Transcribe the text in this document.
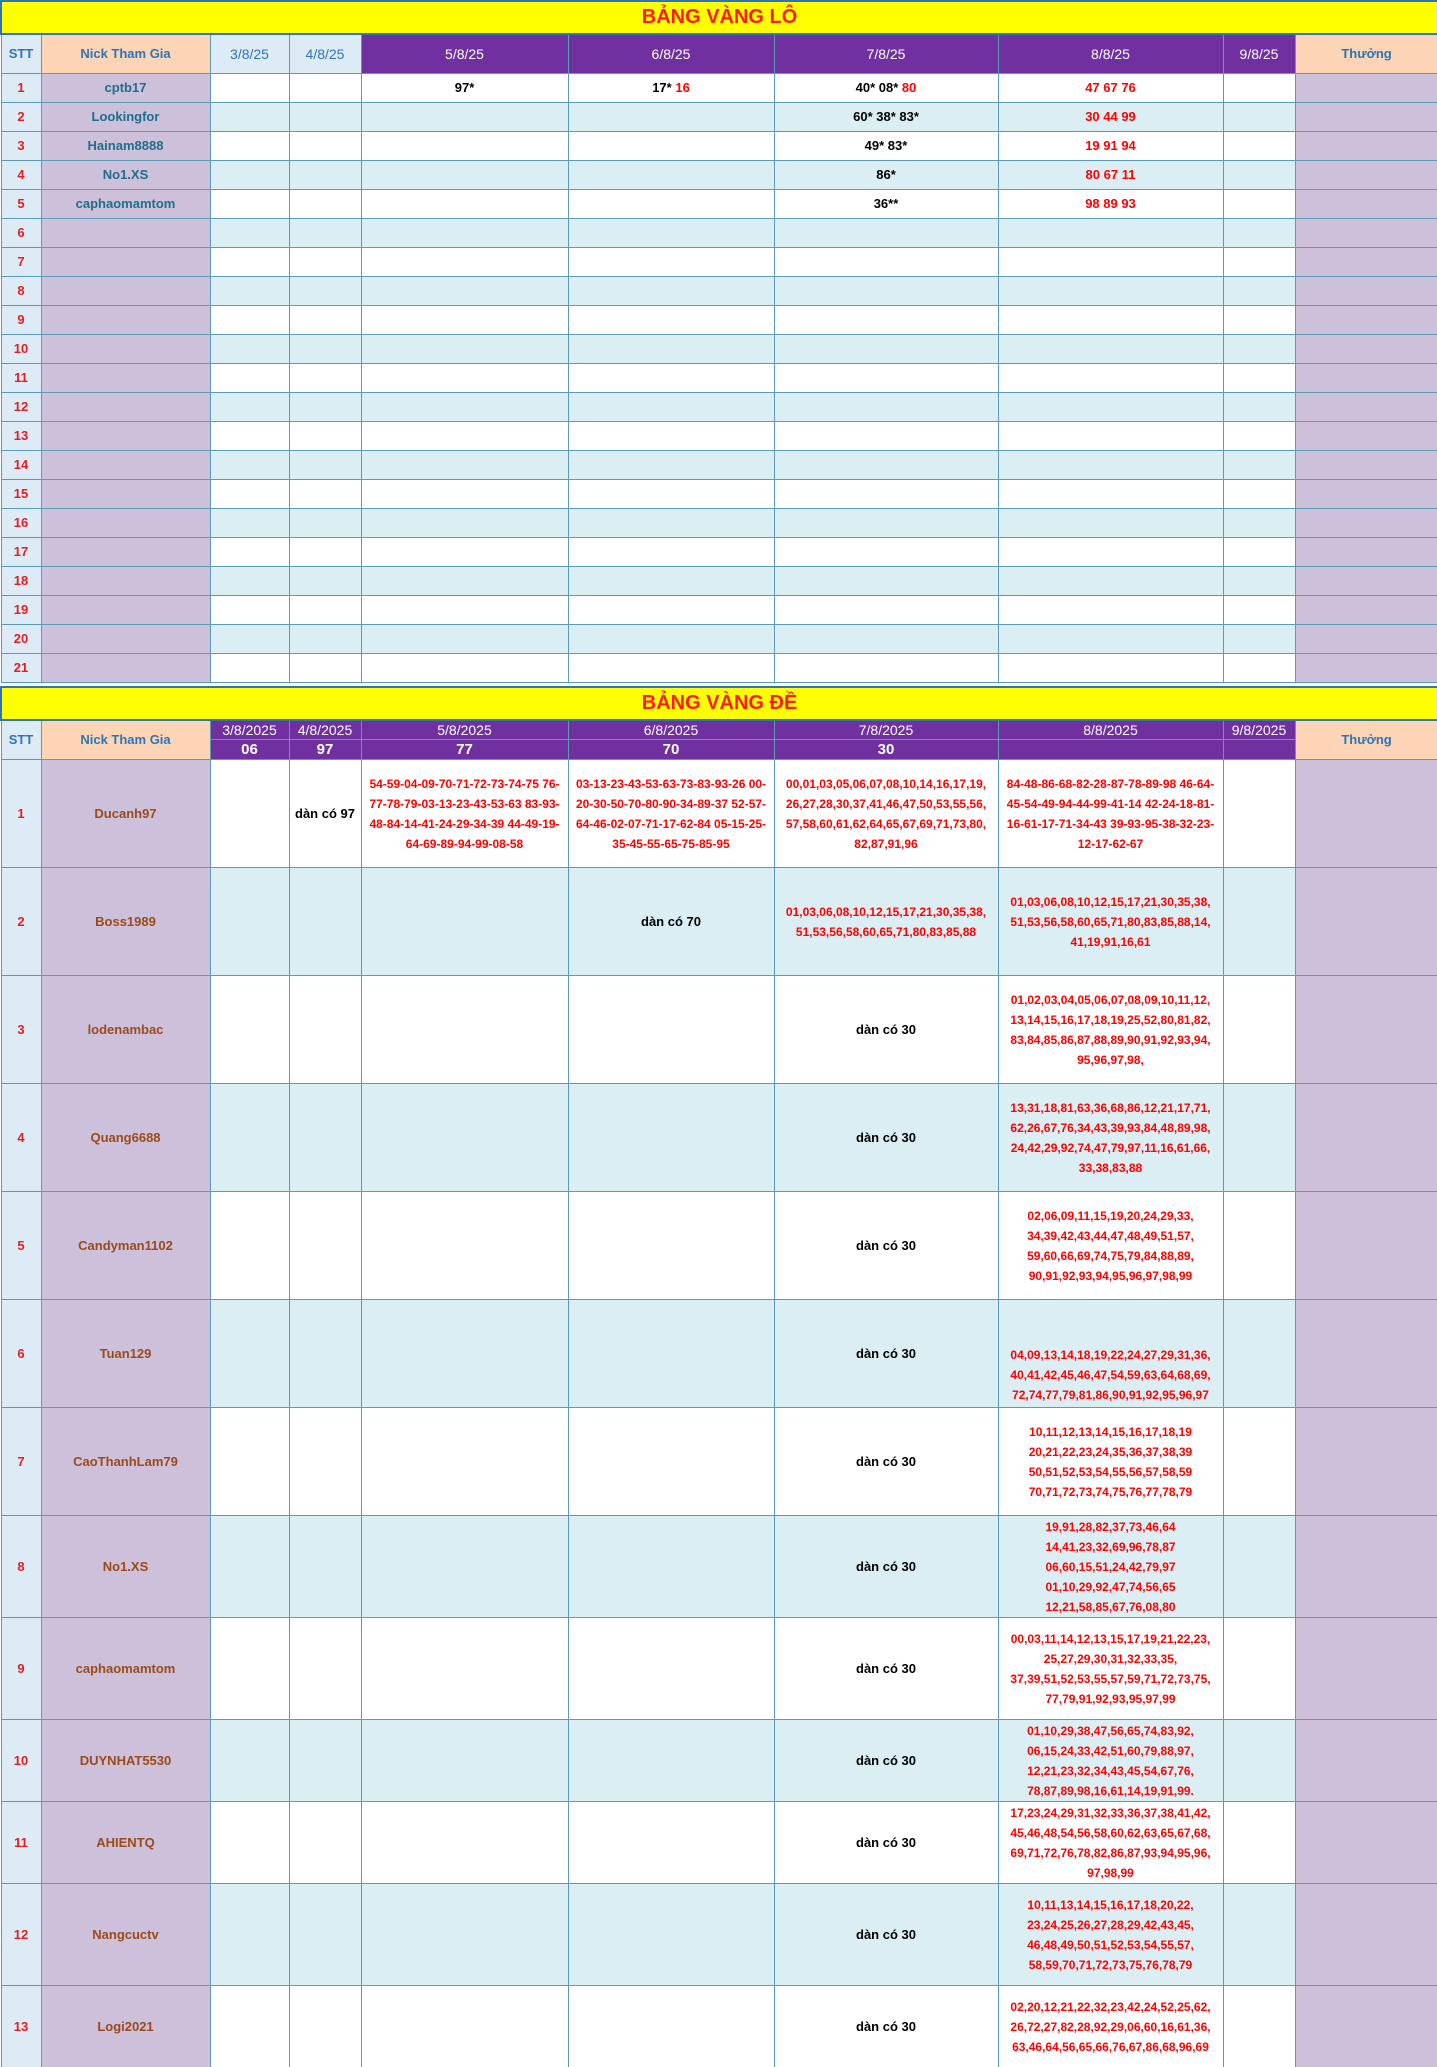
BẢNG VÀNG LÔ									
STT	Nick Tham Gia	3/8/25	4/8/25	5/8/25	6/8/25	7/8/25	8/8/25	9/8/25	Thưởng
1	cptb17			97*	17* 16	40* 08* 80	47 67 76		
2	Lookingfor					60* 38* 83*	30 44 99		
3	Hainam8888					49* 83*	19 91 94		
4	No1.XS					86*	80 67 11		
5	caphaomamtom					36**	98 89 93		
6									
7									
8									
9									
10									
11									
12									
13									
14									
15									
16									
17									
18									
19									
20									
21									
BẢNG VÀNG ĐỀ									
STT	Nick Tham Gia	3/8/2025	4/8/2025	5/8/2025	6/8/2025	7/8/2025	8/8/2025	9/8/2025	Thưởng
		06	97	77	70	30			
1	Ducanh97		dàn có 97	54-59-04-09-70-71-72-73-74-75 76-77-78-79-03-13-23-43-53-63 83-93-48-84-14-41-24-29-34-39 44-49-19-64-69-89-94-99-08-58	03-13-23-43-53-63-73-83-93-26 00-20-30-50-70-80-90-34-89-37 52-57-64-46-02-07-71-17-62-84 05-15-25-35-45-55-65-75-85-95	00,01,03,05,06,07,08,10,14,16,17,19, 26,27,28,30,37,41,46,47,50,53,55,56, 57,58,60,61,62,64,65,67,69,71,73,80, 82,87,91,96	84-48-86-68-82-28-87-78-89-98 46-64-45-54-49-94-44-99-41-14 42-24-18-81-16-61-17-71-34-43 39-93-95-38-32-23-12-17-62-67		
2	Boss1989				dàn có 70	01,03,06,08,10,12,15,17,21,30,35,38, 51,53,56,58,60,65,71,80,83,85,88	01,03,06,08,10,12,15,17,21,30,35,38, 51,53,56,58,60,65,71,80,83,85,88,14, 41,19,91,16,61		
3	lodenambac					dàn có 30	01,02,03,04,05,06,07,08,09,10,11,12, 13,14,15,16,17,18,19,25,52,80,81,82, 83,84,85,86,87,88,89,90,91,92,93,94, 95,96,97,98,		
4	Quang6688					dàn có 30	13,31,18,81,63,36,68,86,12,21,17,71, 62,26,67,76,34,43,39,93,84,48,89,98, 24,42,29,92,74,47,79,97,11,16,61,66, 33,38,83,88		
5	Candyman1102					dàn có 30	02,06,09,11,15,19,20,24,29,33, 34,39,42,43,44,47,48,49,51,57, 59,60,66,69,74,75,79,84,88,89, 90,91,92,93,94,95,96,97,98,99		
6	Tuan129					dàn có 30	04,09,13,14,18,19,22,24,27,29,31,36, 40,41,42,45,46,47,54,59,63,64,68,69, 72,74,77,79,81,86,90,91,92,95,96,97		
7	CaoThanhLam79					dàn có 30	10,11,12,13,14,15,16,17,18,19 20,21,22,23,24,35,36,37,38,39 50,51,52,53,54,55,56,57,58,59 70,71,72,73,74,75,76,77,78,79		
8	No1.XS					dàn có 30	19,91,28,82,37,73,46,64 14,41,23,32,69,96,78,87 06,60,15,51,24,42,79,97 01,10,29,92,47,74,56,65 12,21,58,85,67,76,08,80		
9	caphaomamtom					dàn có 30	00,03,11,14,12,13,15,17,19,21,22,23, 25,27,29,30,31,32,33,35, 37,39,51,52,53,55,57,59,71,72,73,75, 77,79,91,92,93,95,97,99		
10	DUYNHAT5530					dàn có 30	01,10,29,38,47,56,65,74,83,92, 06,15,24,33,42,51,60,79,88,97, 12,21,23,32,34,43,45,54,67,76, 78,87,89,98,16,61,14,19,91,99.		
11	AHIENTQ					dàn có 30	17,23,24,29,31,32,33,36,37,38,41,42, 45,46,48,54,56,58,60,62,63,65,67,68, 69,71,72,76,78,82,86,87,93,94,95,96, 97,98,99		
12	Nangcuctv					dàn có 30	10,11,13,14,15,16,17,18,20,22, 23,24,25,26,27,28,29,42,43,45, 46,48,49,50,51,52,53,54,55,57, 58,59,70,71,72,73,75,76,78,79		
13	Logi2021					dàn có 30	02,20,12,21,22,32,23,42,24,52,25,62, 26,72,27,82,28,92,29,06,60,16,61,36, 63,46,64,56,65,66,76,67,86,68,96,69		
